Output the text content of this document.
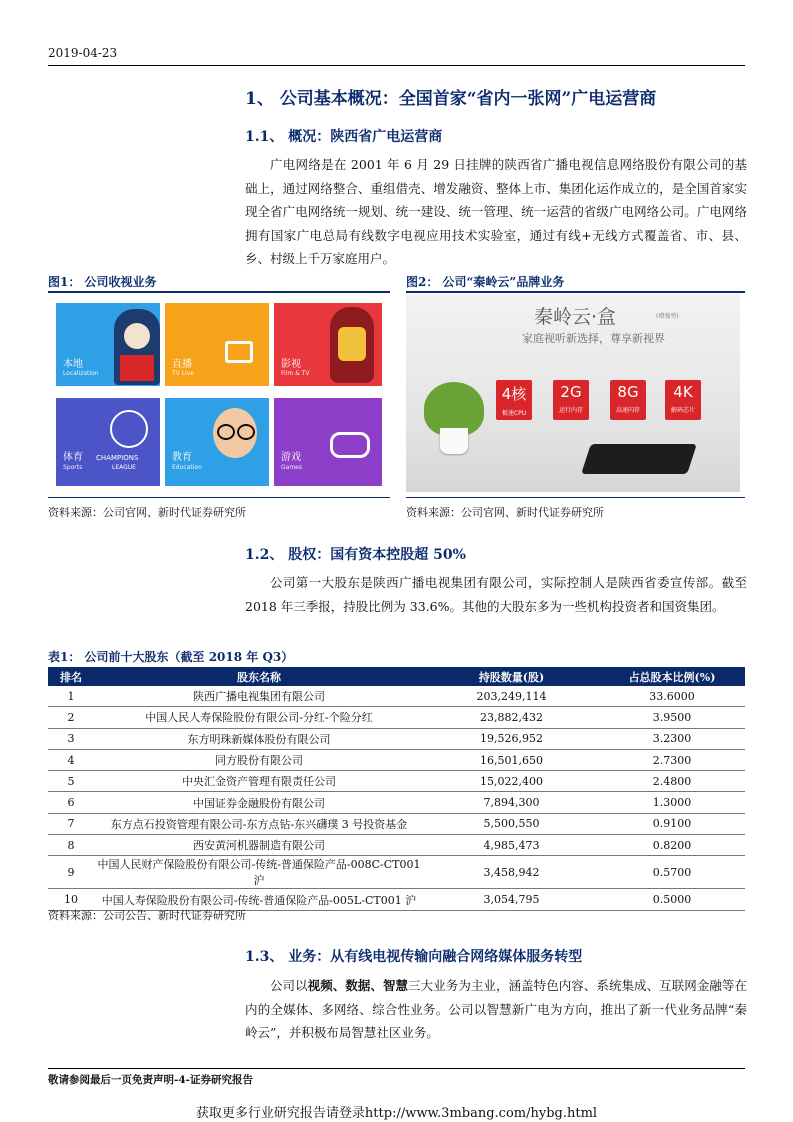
2019-04-23
1、 公司基本概况：全国首家“省内一张网”广电运营商
1.1、 概况：陕西省广电运营商

广电网络是在 2001 年 6 月 29 日挂牌的陕西省广播电视信息网络股份有限公司的基础上，通过网络整合、重组借壳、增发融资、整体上市、集团化运作成立的，是全国首家实现全省广电网络统一规划、统一建设、统一管理、统一运营的省级广电网络公司。广电网络拥有国家广电总局有线数字电视应用技术实验室，通过有线+无线方式覆盖省、市、县、乡、村级上千万家庭用户。

图1： 公司收视业务
本地
Localization
直播
TV Live
影视
Film & TV
CHAMPIONS
LEAGUE
体育
Sports
教育
Education
游戏
Games
资料来源：公司官网、新时代证券研究所
图2： 公司“秦岭云”品牌业务
秦岭云·盒	(增强型)
家庭视听新选择，尊享新视界
4核
极速CPU
2G
运行内存
8G
高速闪存
4K
解码芯片
资料来源：公司官网、新时代证券研究所
1.2、 股权：国有资本控股超 50%

公司第一大股东是陕西广播电视集团有限公司，实际控制人是陕西省委宣传部。截至 2018 年三季报，持股比例为 33.6%。其他的大股东多为一些机构投资者和国资集团。

表1： 公司前十大股东（截至 2018 年 Q3）
排名	股东名称	持股数量(股)	占总股本比例(%)
1	陕西广播电视集团有限公司	203,249,114	33.6000
2	中国人民人寿保险股份有限公司-分红-个险分红	23,882,432	3.9500
3	东方明珠新媒体股份有限公司	19,526,952	3.2300
4	同方股份有限公司	16,501,650	2.7300
5	中央汇金资产管理有限责任公司	15,022,400	2.4800
6	中国证券金融股份有限公司	7,894,300	1.3000
7	东方点石投资管理有限公司-东方点钻-东兴礴璞 3 号投资基金	5,500,550	0.9100
8	西安黄河机器制造有限公司	4,985,473	0.8200
9	中国人民财产保险股份有限公司-传统-普通保险产品-008C-CT001 沪	3,458,942	0.5700
10	中国人寿保险股份有限公司-传统-普通保险产品-005L-CT001 沪	3,054,795	0.5000
资料来源：公司公告、新时代证券研究所
1.3、 业务：从有线电视传输向融合网络媒体服务转型

公司以视频、数据、智慧三大业务为主业，涵盖特色内容、系统集成、互联网金融等在内的全媒体、多网络、综合性业务。公司以智慧新广电为方向，推出了新一代业务品牌“秦岭云”，并积极布局智慧社区业务。

敬请参阅最后一页免责声明-4-证券研究报告
获取更多行业研究报告请登录http://www.3mbang.com/hybg.html
